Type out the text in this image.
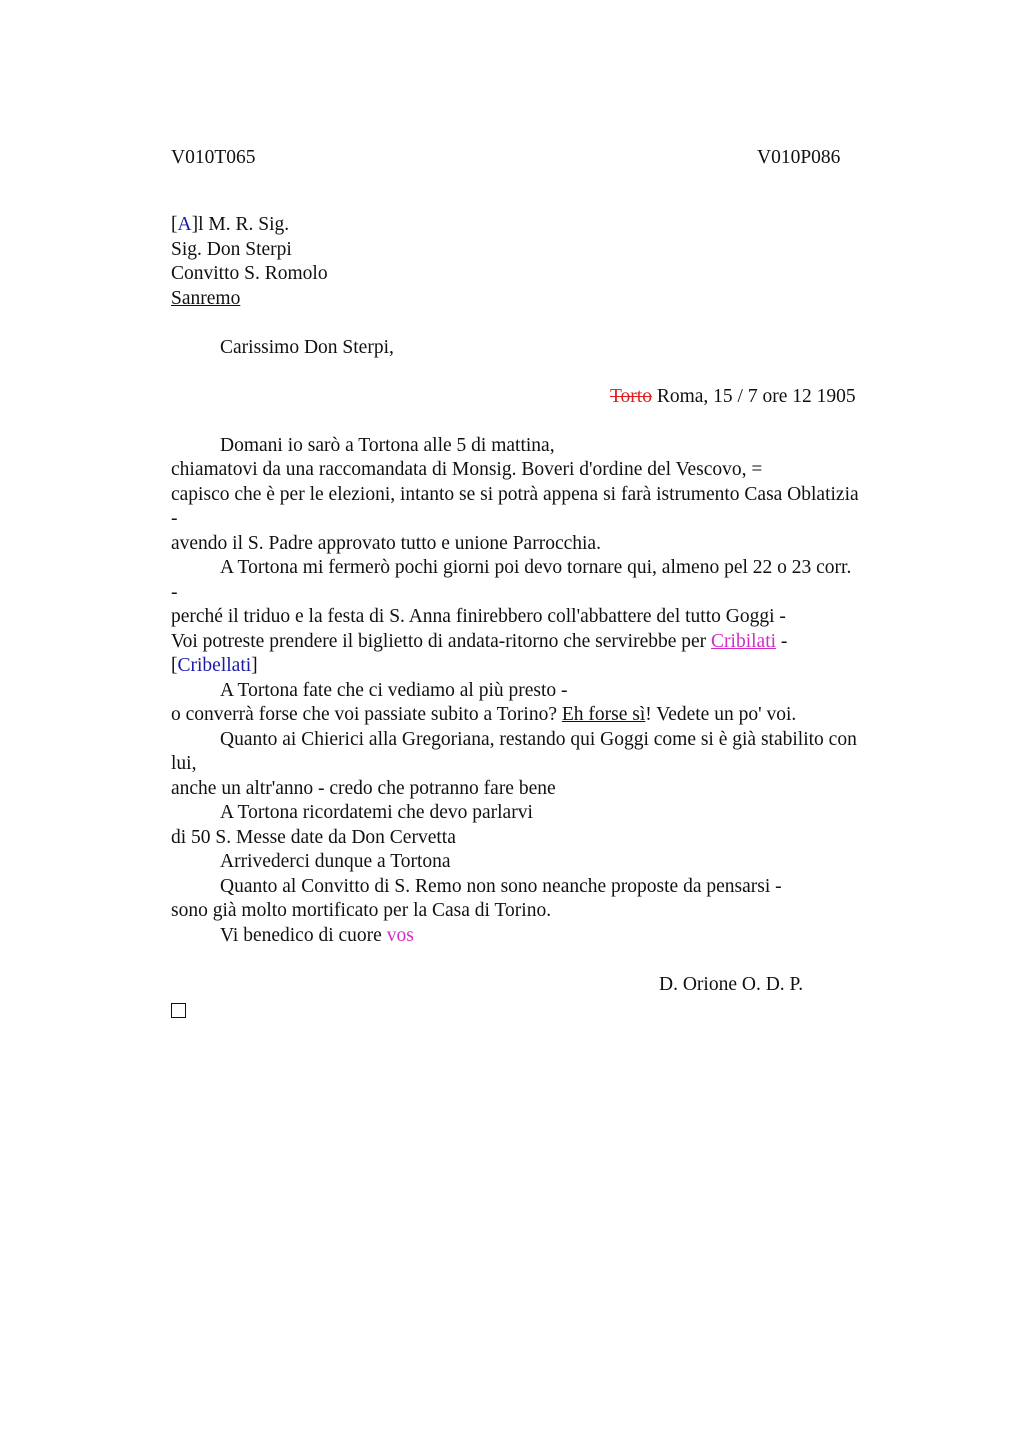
V010T065	V010P086
[A]l M. R. Sig.
Sig. Don Sterpi
Convitto S. Romolo
Sanremo
Carissimo Don Sterpi,
Torto Roma, 15 / 7 ore 12 1905
Domani io sarò a Tortona alle 5 di mattina,
chiamatovi da una raccomandata di Monsig. Boveri d'ordine del Vescovo, =
capisco che è per le elezioni, intanto se si potrà appena si farà istrumento Casa Oblatizia
-
avendo il S. Padre approvato tutto e unione Parrocchia.
A Tortona mi fermerò pochi giorni poi devo tornare qui, almeno pel 22 o 23 corr.
-
perché il triduo e la festa di S. Anna finirebbero coll'abbattere del tutto Goggi -
Voi potreste prendere il biglietto di andata-ritorno che servirebbe per Cribilati -
[Cribellati]
A Tortona fate che ci vediamo al più presto -
o converrà forse che voi passiate subito a Torino? Eh forse sì! Vedete un po' voi.
Quanto ai Chierici alla Gregoriana, restando qui Goggi come si è già stabilito con
lui,
anche un altr'anno - credo che potranno fare bene
A Tortona ricordatemi che devo parlarvi
di 50 S. Messe date da Don Cervetta
Arrivederci dunque a Tortona
Quanto al Convitto di S. Remo non sono neanche proposte da pensarsi -
sono già molto mortificato per la Casa di Torino.
Vi benedico di cuore vos
D. Orione O. D. P.
